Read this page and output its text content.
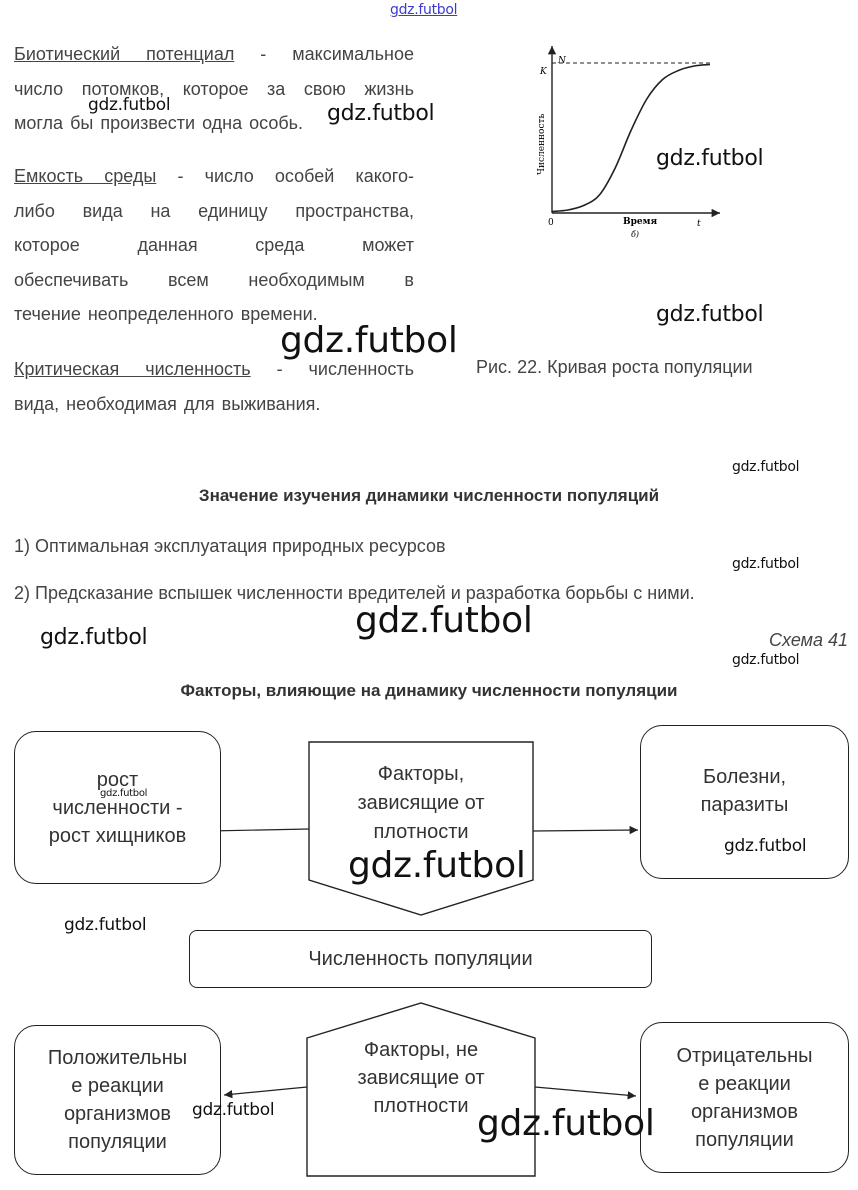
gdz.futbol
Биотический потенциал - максимальное
число потомков, которое за свою жизнь
могла бы произвести одна особь.
Емкость среды - число особей какого-
либо вида на единицу пространства,
которое данная среда может
обеспечивать всем необходимым в
течение неопределенного времени.
Критическая численность - численность
вида, необходимая для выживания.
N
K
0	t
Время
б)
Численность
Рис. 22. Кривая роста популяции
Значение изучения динамики численности популяций
1) Оптимальная эксплуатация природных ресурсов
2) Предсказание вспышек численности вредителей и разработка борьбы с ними.
Схема 41
Факторы, влияющие на динамику численности популяции
рост
численности -
рост хищников
Факторы,
зависящие от
плотности
Болезни,
паразиты
Численность популяции
Положительны
е реакции
организмов
популяции
Факторы, не
зависящие от
плотности
Отрицательны
е реакции
организмов
популяции
gdz.futbol	gdz.futbol
gdz.futbol
gdz.futbol
gdz.futbol
gdz.futbol
gdz.futbol
gdz.futbol	gdz.futbol
gdz.futbol
gdz.futbol
gdz.futbol
gdz.futbol
gdz.futbol
gdz.futbol	gdz.futbol
